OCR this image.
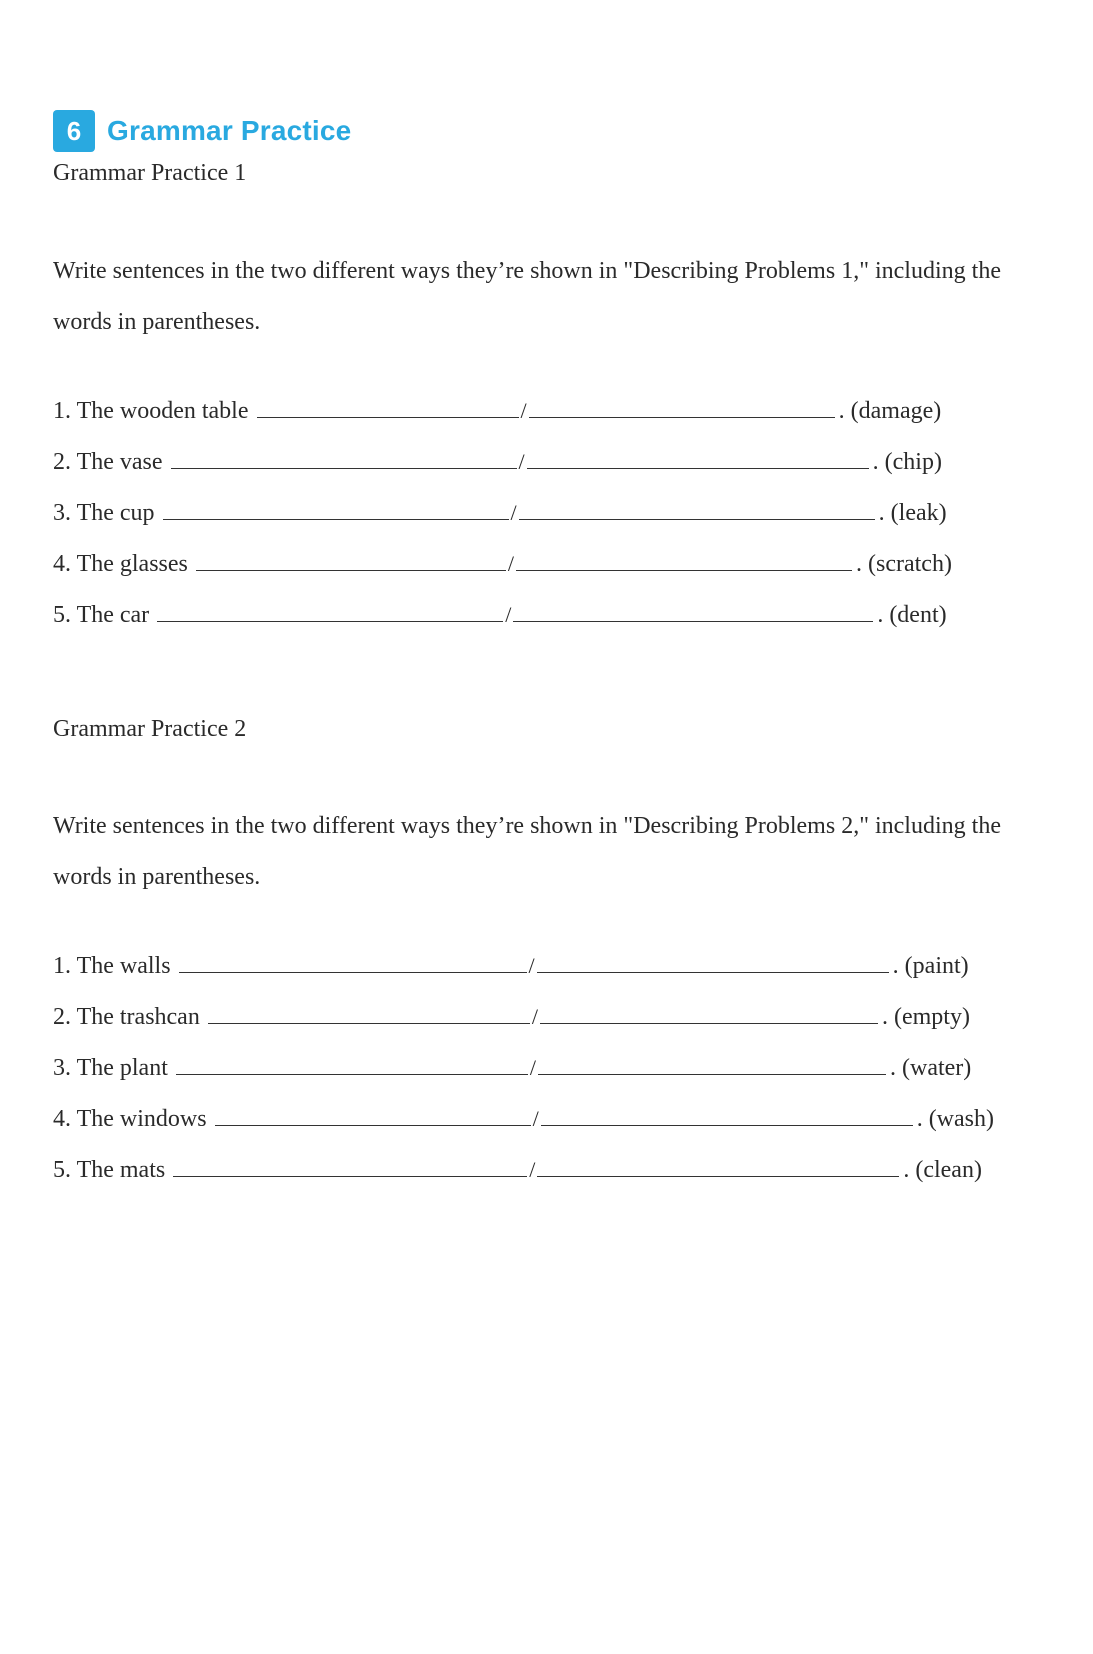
6 Grammar Practice
Grammar Practice 1
Write sentences in the two different ways they’re shown in "Describing Problems 1," including the words in parentheses.
1. The wooden table	/	. (damage)
2. The vase	/	. (chip)
3. The cup	/	. (leak)
4. The glasses	/	. (scratch)
5. The car	/	. (dent)
Grammar Practice 2
Write sentences in the two different ways they’re shown in "Describing Problems 2," including the words in parentheses.
1. The walls	/	. (paint)
2. The trashcan	/	. (empty)
3. The plant	/	. (water)
4. The windows	/	. (wash)
5. The mats	/	. (clean)
